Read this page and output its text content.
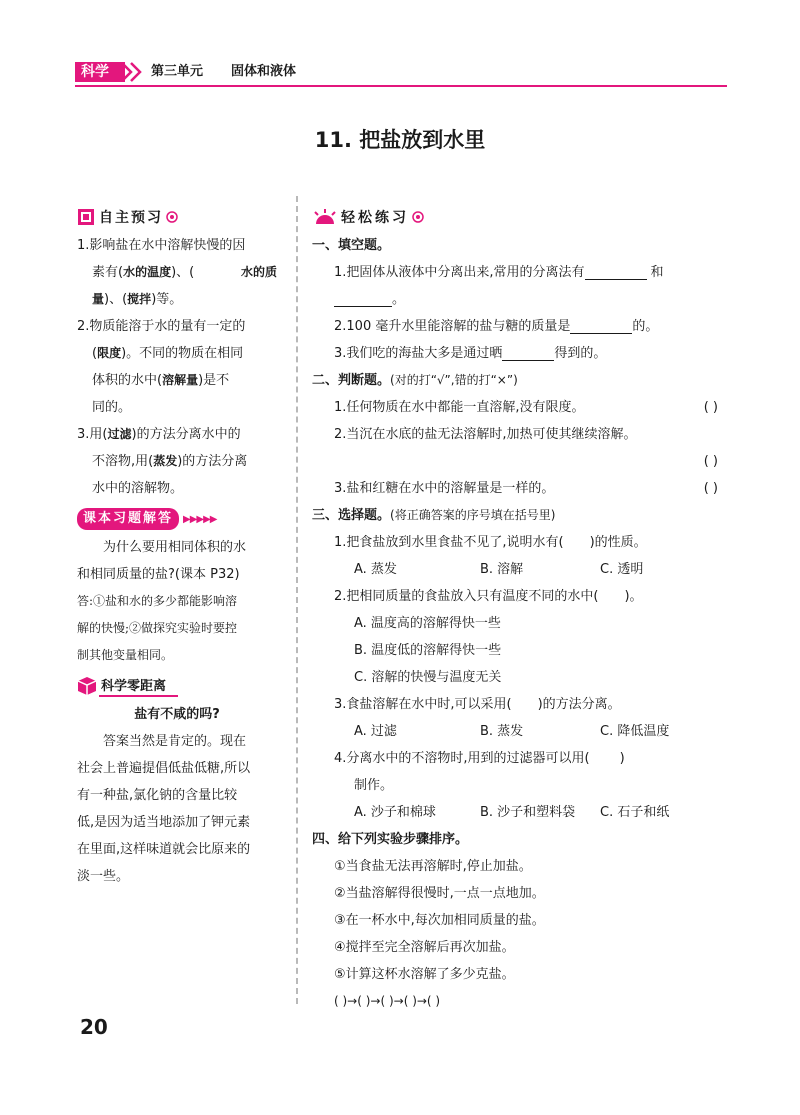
科学	第三单元 固体和液体
11. 把盐放到水里
自主预习
1.影响盐在水中溶解快慢的因
素有(水的温度)、(	水的质
量)、(搅拌)等。
2.物质能溶于水的量有一定的
(限度)。不同的物质在相同
体积的水中(溶解量)是不
同的。
3.用(过滤)的方法分离水中的
不溶物,用(蒸发)的方法分离
水中的溶解物。
课本习题解答	▶▶▶▶▶
为什么要用相同体积的水
和相同质量的盐?(课本 P32)
答:①盐和水的多少都能影响溶
解的快慢;②做探究实验时要控
制其他变量相同。
科学零距离
盐有不咸的吗?
答案当然是肯定的。现在
社会上普遍提倡低盐低糖,所以
有一种盐,氯化钠的含量比较
低,是因为适当地添加了钾元素
在里面,这样味道就会比原来的
淡一些。
轻松练习
一、填空题。
1.把固体从液体中分离出来,常用的分离法有	和
。
2.100 毫升水里能溶解的盐与糖的质量是	的。
3.我们吃的海盐大多是通过晒	得到的。
二、判断题。(对的打“√”,错的打“×”)
1.任何物质在水中都能一直溶解,没有限度。	( )
2.当沉在水底的盐无法溶解时,加热可使其继续溶解。
( )
3.盐和红糖在水中的溶解量是一样的。	( )
三、选择题。(将正确答案的序号填在括号里)
1.把食盐放到水里食盐不见了,说明水有( )的性质。
A. 蒸发	B. 溶解	C. 透明
2.把相同质量的食盐放入只有温度不同的水中( )。
A. 温度高的溶解得快一些
B. 温度低的溶解得快一些
C. 溶解的快慢与温度无关
3.食盐溶解在水中时,可以采用( )的方法分离。
A. 过滤	B. 蒸发	C. 降低温度
4.分离水中的不溶物时,用到的过滤器可以用( )
制作。
A. 沙子和棉球	B. 沙子和塑料袋 C. 石子和纸
四、给下列实验步骤排序。
①当食盐无法再溶解时,停止加盐。
②当盐溶解得很慢时,一点一点地加。
③在一杯水中,每次加相同质量的盐。
④搅拌至完全溶解后再次加盐。
⑤计算这杯水溶解了多少克盐。
( )→( )→( )→( )→( )
20
